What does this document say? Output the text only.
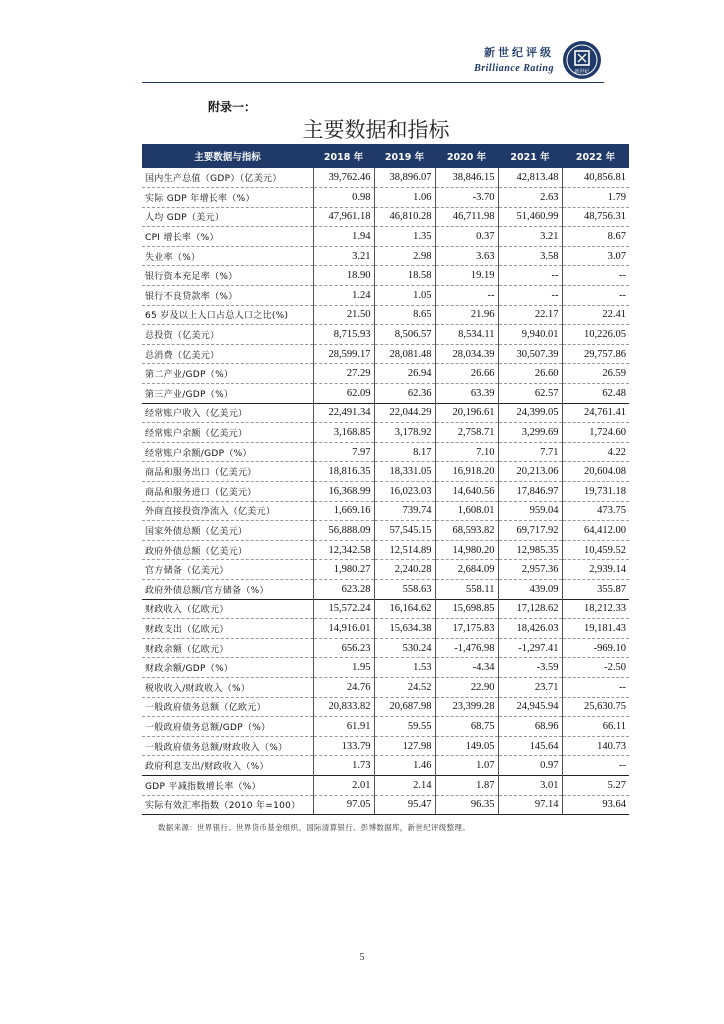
新世纪评级
Brilliance Rating	新世纪
附录一：
主要数据和指标
主要数据与指标	2018 年	2019 年	2020 年	2021 年	2022 年
国内生产总值（GDP）（亿美元）	39,762.46	38,896.07	38,846.15	42,813.48	40,856.81
实际 GDP 年增长率（%）	0.98	1.06	-3.70	2.63	1.79
人均 GDP（美元）	47,961.18	46,810.28	46,711.98	51,460.99	48,756.31
CPI 增长率（%）	1.94	1.35	0.37	3.21	8.67
失业率（%）	3.21	2.98	3.63	3.58	3.07
银行资本充足率（%）	18.90	18.58	19.19	--	--
银行不良贷款率（%）	1.24	1.05	--	--	--
65 岁及以上人口占总人口之比(%)	21.50	8.65	21.96	22.17	22.41
总投资（亿美元）	8,715.93	8,506.57	8,534.11	9,940.01	10,226.05
总消费（亿美元）	28,599.17	28,081.48	28,034.39	30,507.39	29,757.86
第二产业/GDP（%）	27.29	26.94	26.66	26.60	26.59
第三产业/GDP（%）	62.09	62.36	63.39	62.57	62.48
经常账户收入（亿美元）	22,491.34	22,044.29	20,196.61	24,399.05	24,761.41
经常账户余额（亿美元）	3,168.85	3,178.92	2,758.71	3,299.69	1,724.60
经常账户余额/GDP（%）	7.97	8.17	7.10	7.71	4.22
商品和服务出口（亿美元）	18,816.35	18,331.05	16,918.20	20,213.06	20,604.08
商品和服务进口（亿美元）	16,368.99	16,023.03	14,640.56	17,846.97	19,731.18
外商直接投资净流入（亿美元）	1,669.16	739.74	1,608.01	959.04	473.75
国家外债总额（亿美元）	56,888.09	57,545.15	68,593.82	69,717.92	64,412.00
政府外债总额（亿美元）	12,342.58	12,514.89	14,980.20	12,985.35	10,459.52
官方储备（亿美元）	1,980.27	2,240.28	2,684.09	2,957.36	2,939.14
政府外债总额/官方储备（%）	623.28	558.63	558.11	439.09	355.87
财政收入（亿欧元）	15,572.24	16,164.62	15,698.85	17,128.62	18,212.33
财政支出（亿欧元）	14,916.01	15,634.38	17,175.83	18,426.03	19,181.43
财政余额（亿欧元）	656.23	530.24	-1,476.98	-1,297.41	-969.10
财政余额/GDP（%）	1.95	1.53	-4.34	-3.59	-2.50
税收收入/财政收入（%）	24.76	24.52	22.90	23.71	--
一般政府债务总额（亿欧元）	20,833.82	20,687.98	23,399.28	24,945.94	25,630.75
一般政府债务总额/GDP（%）	61.91	59.55	68.75	68.96	66.11
一般政府债务总额/财政收入（%）	133.79	127.98	149.05	145.64	140.73
政府利息支出/财政收入（%）	1.73	1.46	1.07	0.97	--
GDP 平减指数增长率（%）	2.01	2.14	1.87	3.01	5.27
实际有效汇率指数（2010 年=100）	97.05	95.47	96.35	97.14	93.64
数据来源：世界银行、世界货币基金组织、国际清算银行、彭博数据库，新世纪评级整理。
5
